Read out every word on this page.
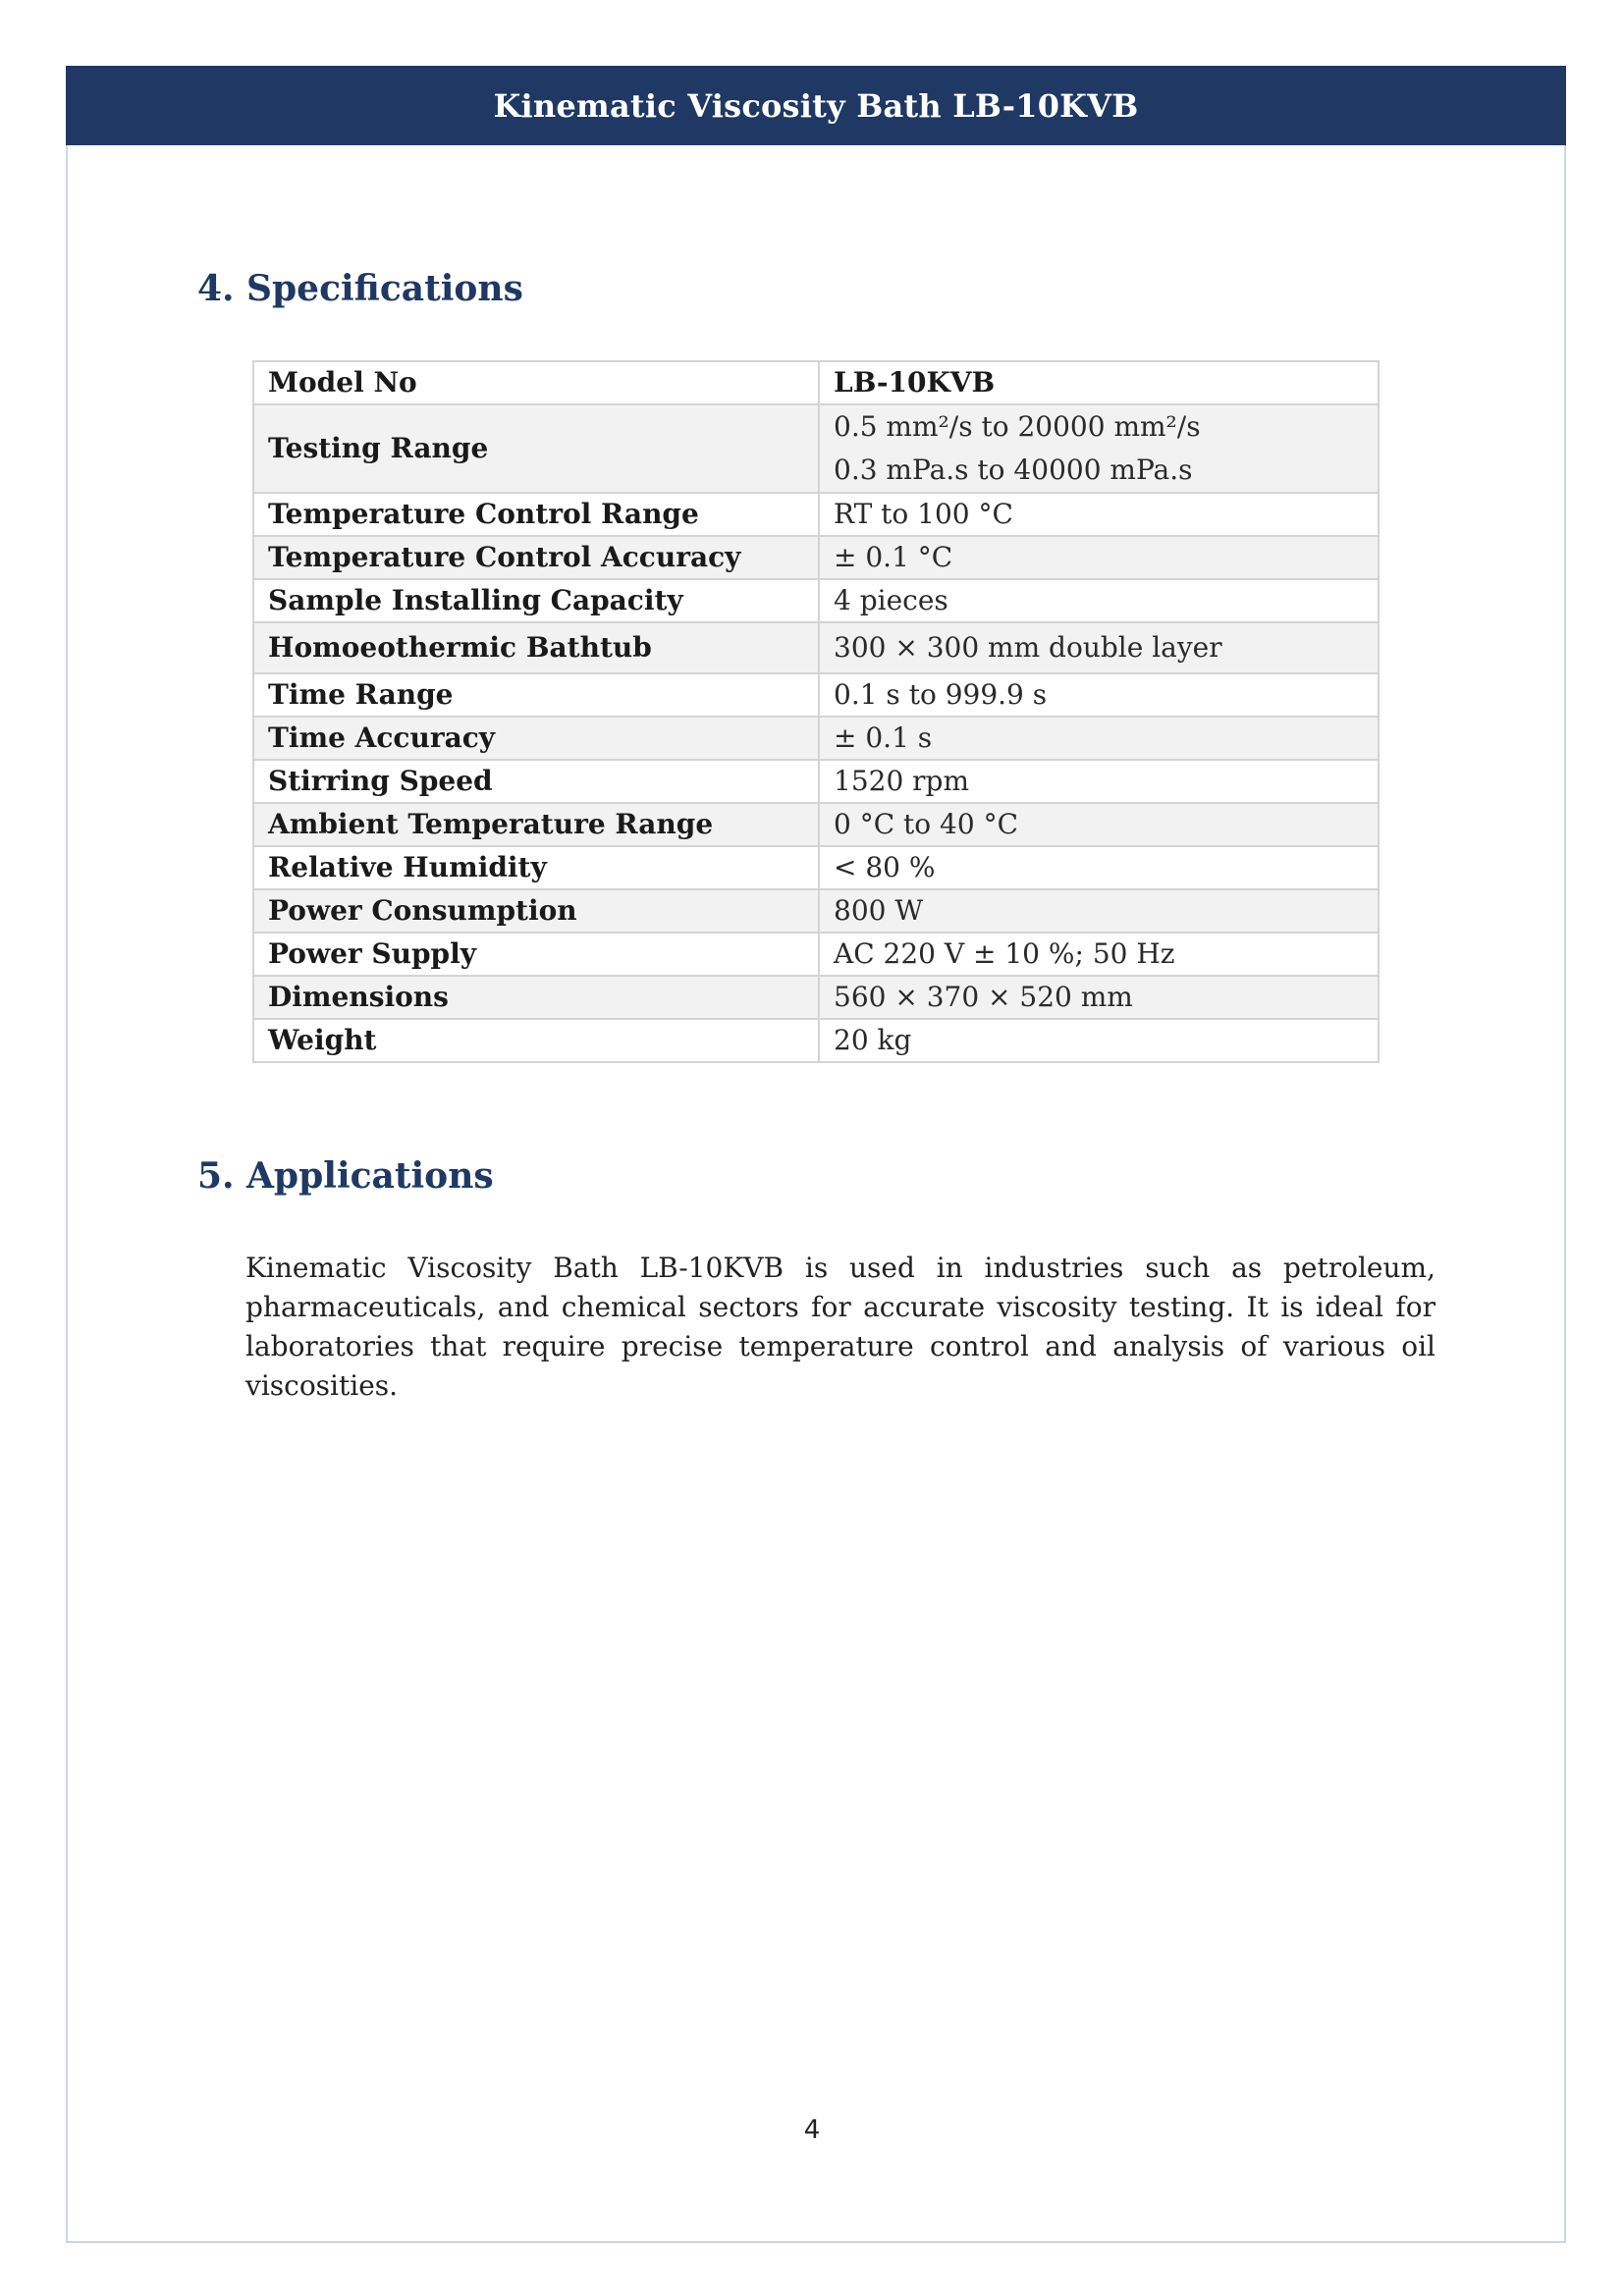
Kinematic Viscosity Bath LB-10KVB
4. Specifications
Model No	LB-10KVB
Testing Range	0.5 mm²/s to 20000 mm²/s
0.3 mPa.s to 40000 mPa.s

Temperature Control Range	RT to 100 °C
Temperature Control Accuracy	± 0.1 °C
Sample Installing Capacity	4 pieces
Homoeothermic Bathtub	300 × 300 mm double layer
Time Range	0.1 s to 999.9 s
Time Accuracy	± 0.1 s
Stirring Speed	1520 rpm
Ambient Temperature Range	0 °C to 40 °C
Relative Humidity	< 80 %
Power Consumption	800 W
Power Supply	AC 220 V ± 10 %; 50 Hz
Dimensions	560 × 370 × 520 mm
Weight	20 kg
5. Applications

Kinematic Viscosity Bath LB-10KVB is used in industries such as petroleum, pharmaceuticals, and chemical sectors for accurate viscosity testing. It is ideal for laboratories that require precise temperature control and analysis of various oil viscosities.

4
